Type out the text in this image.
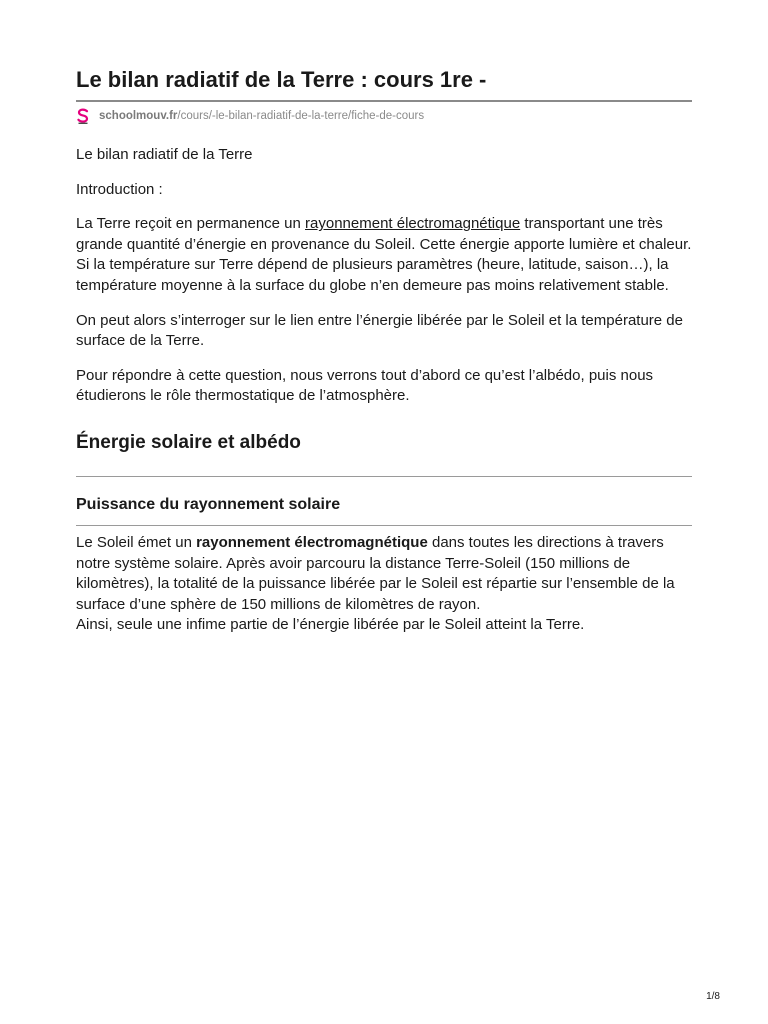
Le bilan radiatif de la Terre : cours 1re -
schoolmouv.fr /cours/-le-bilan-radiatif-de-la-terre/fiche-de-cours

Le bilan radiatif de la Terre

Introduction :

La Terre reçoit en permanence un rayonnement électromagnétique transportant une très grande quantité d’énergie en provenance du Soleil. Cette énergie apporte lumière et chaleur.
Si la température sur Terre dépend de plusieurs paramètres (heure, latitude, saison…), la température moyenne à la surface du globe n’en demeure pas moins relativement stable.

On peut alors s’interroger sur le lien entre l’énergie libérée par le Soleil et la température de surface de la Terre.

Pour répondre à cette question, nous verrons tout d’abord ce qu’est l’albédo, puis nous étudierons le rôle thermostatique de l’atmosphère.

Énergie solaire et albédo
Puissance du rayonnement solaire

Le Soleil émet un rayonnement électromagnétique dans toutes les directions à travers notre système solaire. Après avoir parcouru la distance Terre-Soleil (150 millions de kilomètres), la totalité de la puissance libérée par le Soleil est répartie sur l’ensemble de la surface d’une sphère de 150 millions de kilomètres de rayon.
Ainsi, seule une infime partie de l’énergie libérée par le Soleil atteint la Terre.

1/8
